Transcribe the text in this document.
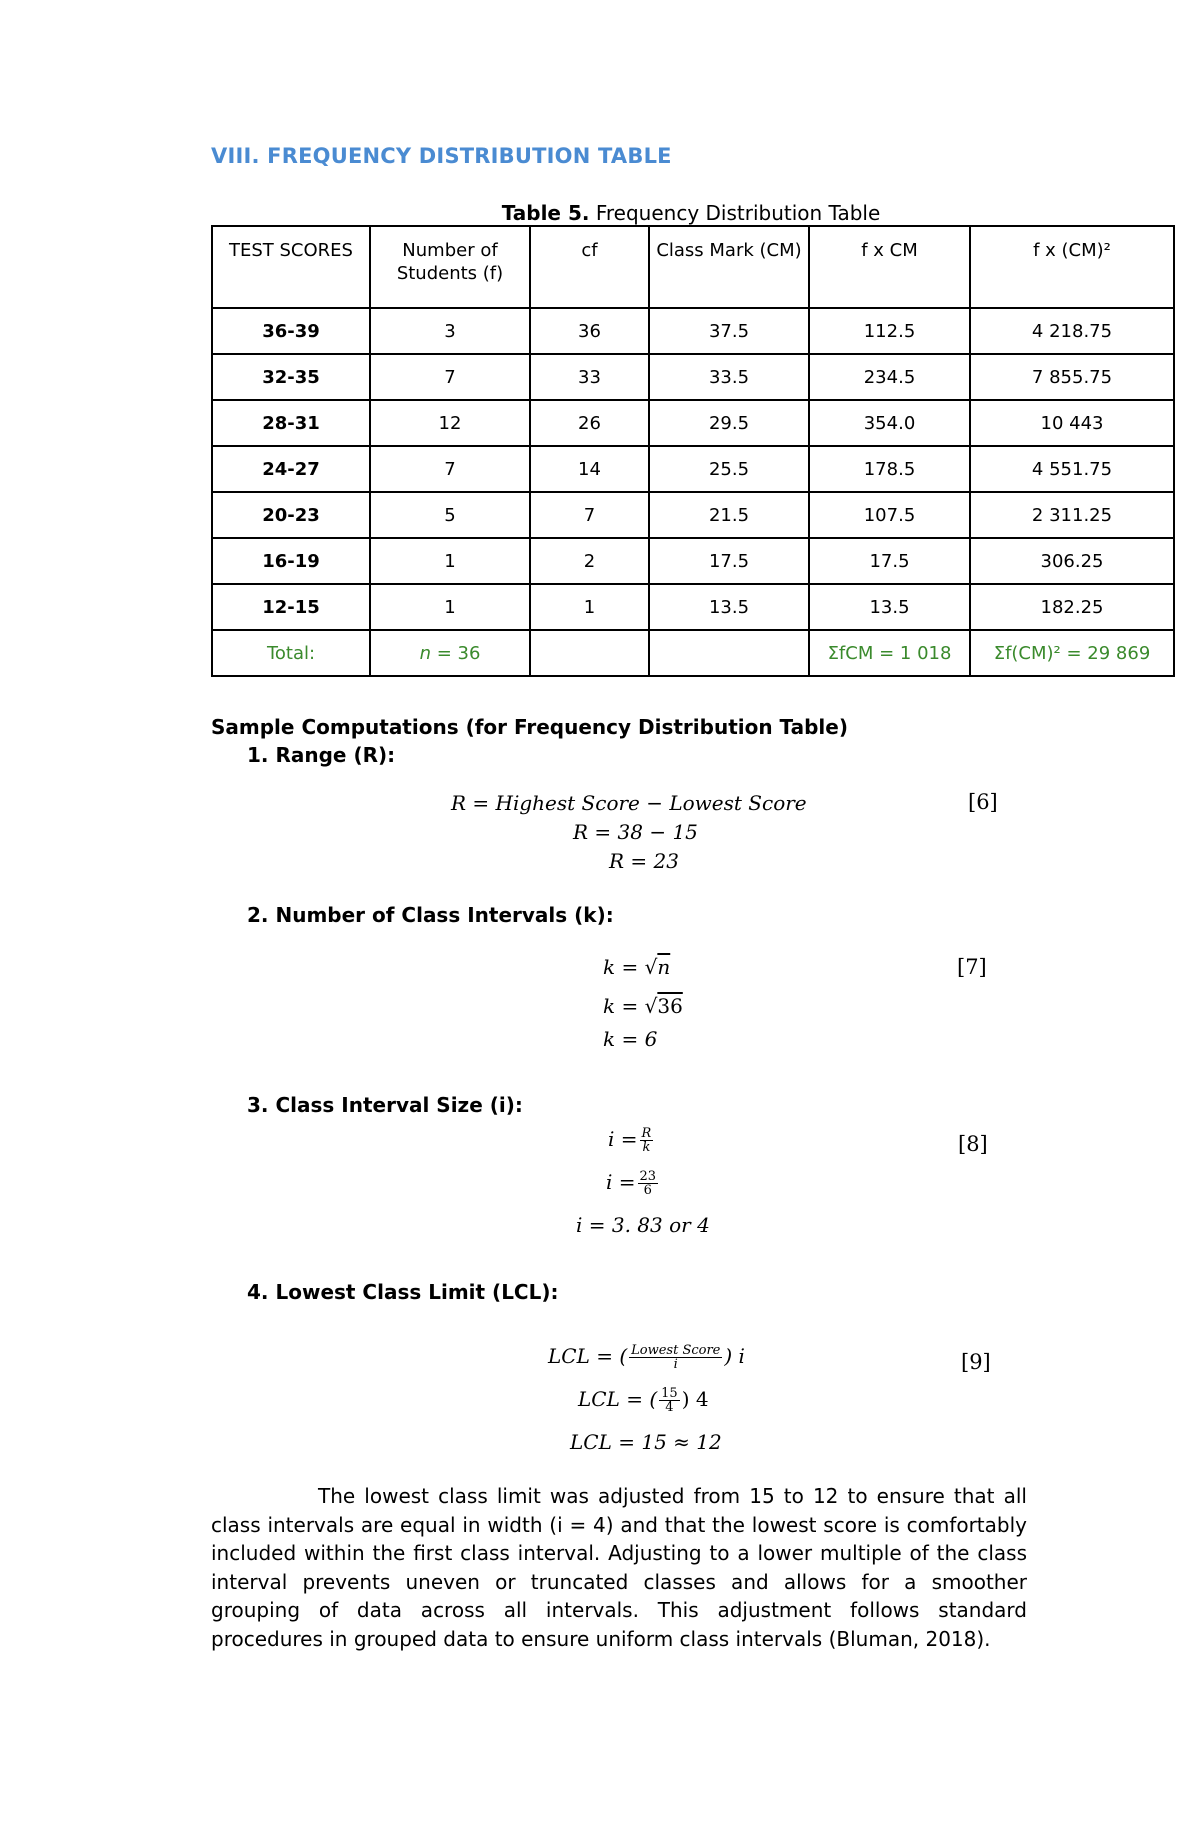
VIII. FREQUENCY DISTRIBUTION TABLE
Table 5. Frequency Distribution Table
TEST SCORES	Number of Students (f)	cf	Class Mark (CM)	f x CM	f x (CM)²
36-39	3	36	37.5	112.5	4 218.75
32-35	7	33	33.5	234.5	7 855.75
28-31	12	26	29.5	354.0	10 443
24-27	7	14	25.5	178.5	4 551.75
20-23	5	7	21.5	107.5	2 311.25
16-19	1	2	17.5	17.5	306.25
12-15	1	1	13.5	13.5	182.25
Total:	n = 36			ΣfCM = 1 018	Σf(CM)² = 29 869
Sample Computations (for Frequency Distribution Table)
1. Range (R):
R = Highest Score − Lowest Score	[6]
R = 38 − 15
R = 23
2. Number of Class Intervals (k):
k = √n	[7]
k = √36
k = 6
3. Class Interval Size (i):
$i = \frac{R}{k}$	[8]
$i = \frac{23}{6}$
i = 3. 83 or 4
4. Lowest Class Limit (LCL):
LCL = ( $\frac{\text{Lowest Score}}{i}$ ) i	[9]
LCL = ( $\frac{15}{4}$ ) 4
LCL = 15 ≈ 12
The lowest class limit was adjusted from 15 to 12 to ensure that all class intervals are equal in width (i = 4) and that the lowest score is comfortably included within the first class interval. Adjusting to a lower multiple of the class interval prevents uneven or truncated classes and allows for a smoother grouping of data across all intervals. This adjustment follows standard procedures in grouped data to ensure uniform class intervals (Bluman, 2018).
